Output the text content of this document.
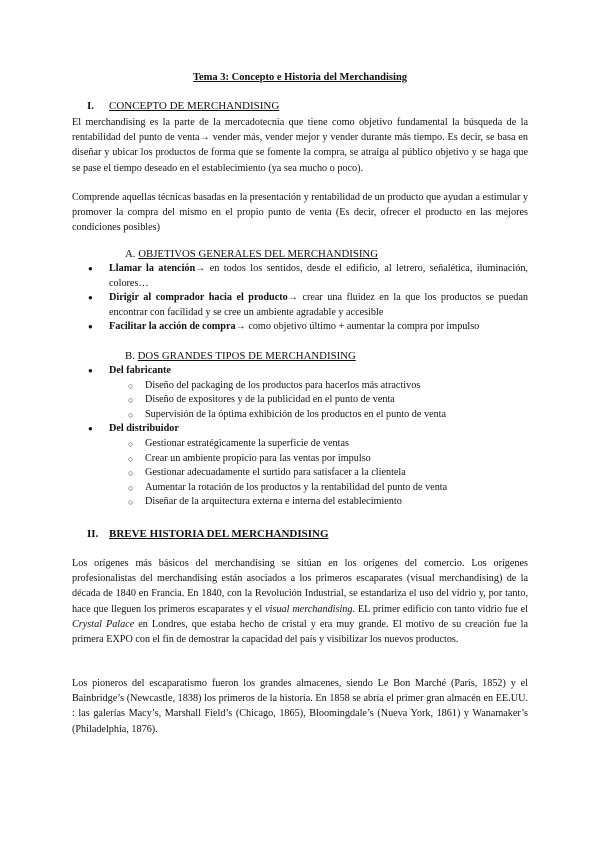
Tema 3: Concepto e Historia del Merchandising
I. CONCEPTO DE MERCHANDISING

El merchandising es la parte de la mercadotecnia que tiene como objetivo fundamental la búsqueda de la rentabilidad del punto de venta→ vender más, vender mejor y vender durante más tiempo. Es decir, se basa en diseñar y ubicar los productos de forma que se fomente la compra, se atraiga al público objetivo y se haga que se pase el tiempo deseado en el establecimiento (ya sea mucho o poco).

Comprende aquellas técnicas basadas en la presentación y rentabilidad de un producto que ayudan a estimular y promover la compra del mismo en el propio punto de venta (Es decir, ofrecer el producto en las mejores condiciones posibles)

A. OBJETIVOS GENERALES DEL MERCHANDISING
● Llamar la atención→ en todos los sentidos, desde el edificio, al letrero, señalética, iluminación, colores…
● Dirigir al comprador hacia el producto→ crear una fluidez en la que los productos se puedan encontrar con facilidad y se cree un ambiente agradable y accesible
● Facilitar la acción de compra→ como objetivo último + aumentar la compra por impulso
B. DOS GRANDES TIPOS DE MERCHANDISING
● Del fabricante
○ Diseño del packaging de los productos para hacerlos más atractivos
○ Diseño de expositores y de la publicidad en el punto de venta
○ Supervisión de la óptima exhibición de los productos en el punto de venta
● Del distribuidor
○ Gestionar estratégicamente la superficie de ventas
○ Crear un ambiente propicio para las ventas por impulso
○ Gestionar adecuadamente el surtido para satisfacer a la clientela
○ Aumentar la rotación de los productos y la rentabilidad del punto de venta
○ Diseñar de la arquitectura externa e interna del establecimiento
II. BREVE HISTORIA DEL MERCHANDISING

Los orígenes más básicos del merchandising se sitúan en los orígenes del comercio. Los orígenes profesionalistas del merchandising están asociados a los primeros escaparates (visual merchandising) de la década de 1840 en Francia. En 1840, con la Revolución Industrial, se estandariza el uso del vidrio y, por tanto, hace que lleguen los primeros escaparates y el visual merchandising. EL primer edificio con tanto vidrio fue el Crystal Palace en Londres, que estaba hecho de cristal y era muy grande. El motivo de su creación fue la primera EXPO con el fin de demostrar la capacidad del país y visibilizar los nuevos productos.

Los pioneros del escaparatismo fueron los grandes almacenes, siendo Le Bon Marché (París, 1852) y el Bainbridge’s (Newcastle, 1838) los primeros de la historia. En 1858 se abría el primer gran almacén en EE.UU. : las galerías Macy’s, Marshall Field’s (Chicago, 1865), Bloomingdale’s (Nueva York, 1861) y Wanamaker’s (Philadelphia, 1876).
